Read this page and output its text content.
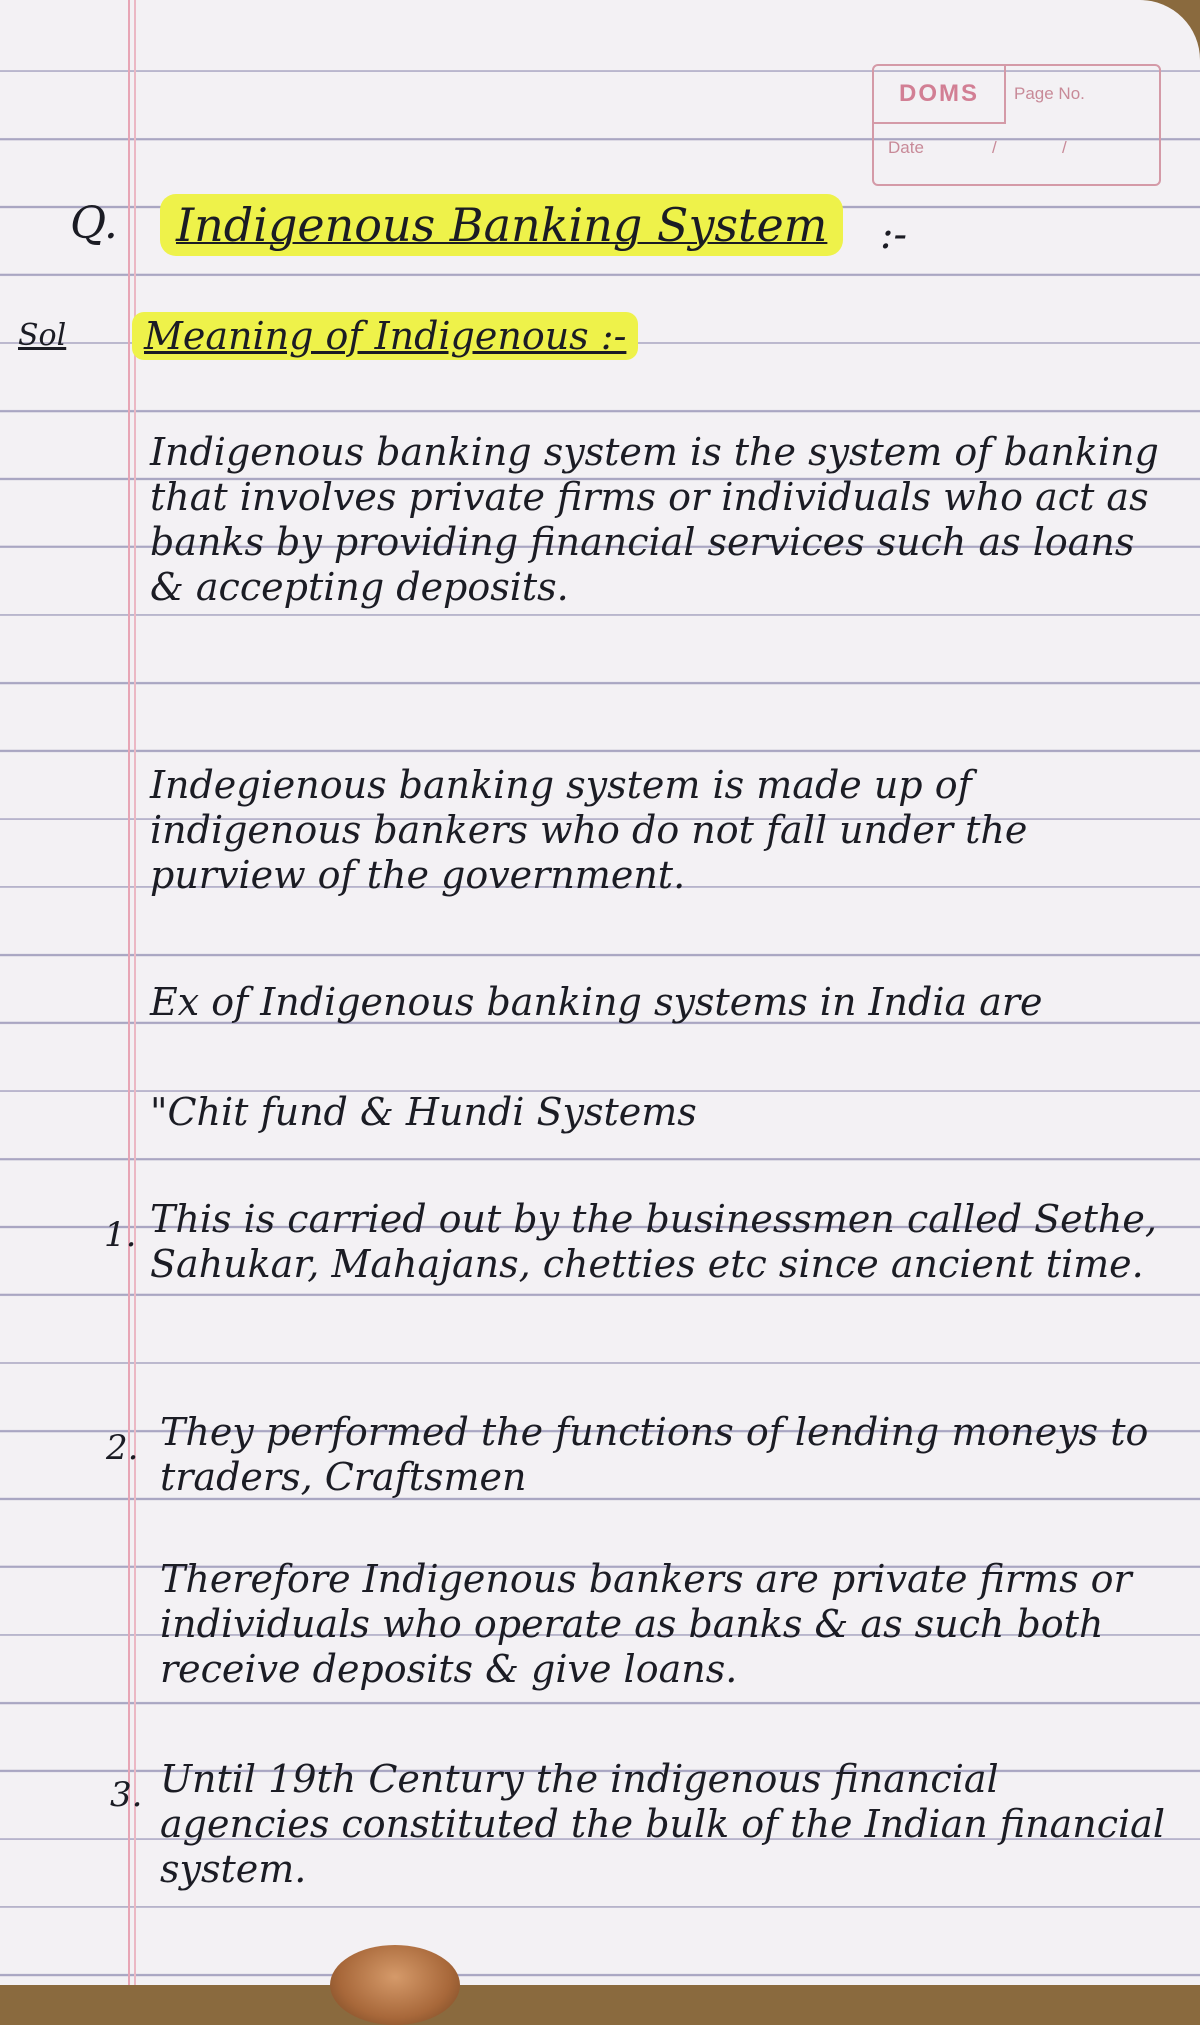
DOMS	Page No.
Date	/	/

Q. Indigenous Banking System :-

Sol Meaning of Indigenous :-

Indigenous banking system is the system of banking that involves private firms or individuals who act as banks by providing financial services such as loans & accepting deposits.

Indegienous banking system is made up of indigenous bankers who do not fall under the purview of the government.

Ex of Indigenous banking systems in India are

"Chit fund & Hundi Systems

1. This is carried out by the businessmen called Sethe, Sahukar, Mahajans, chetties etc since ancient time.

2. They performed the functions of lending moneys to traders, Craftsmen

Therefore Indigenous bankers are private firms or individuals who operate as banks & as such both receive deposits & give loans.

3. Until 19th Century the indigenous financial agencies constituted the bulk of the Indian financial system.
